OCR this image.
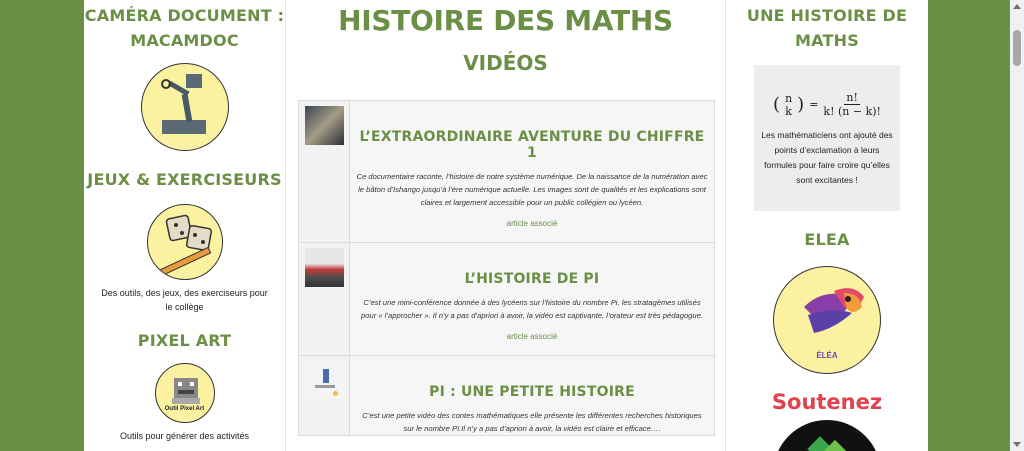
CAMÉRA DOCUMENT :
MACAMDOC
JEUX & EXERCISEURS
Des outils, des jeux, des exerciseurs pour le collège
PIXEL ART
Outil Pixel Art
Outils pour générer des activités
HISTOIRE DES MATHS
VIDÉOS
L’EXTRAORDINAIRE AVENTURE DU CHIFFRE 1
Ce documentaire raconte, l’histoire de notre système numérique. De la naissance de la numération avec le bâton d’Ishango jusqu’à l’ère numérique actuelle. Les images sont de qualités et les explications sont claires et largement accessible pour un public collégien ou lycéen.
article associé
L’HISTOIRE DE PI
C’est une mini-conférence donnée à des lycéens sur l’histoire du nombre Pi, les stratagèmes utilisés pour « l’approcher ». Il n’y a pas d’apriori à avoir, la vidéo est captivante, l’orateur est très pédagogue.
article associé
PI : UNE PETITE HISTOIRE
C’est une petite vidéo des contes mathématiques elle présente les différentes recherches historiques sur le nombre PI.Il n’y a pas d’apriori à avoir, la vidéo est claire et efficace….
UNE HISTOIRE DE MATHS
( n
k ) = $\frac{n!}{k! (n - k)!}$
Les mathématiciens ont ajouté des points d’exclamation à leurs formules pour faire croire qu’elles sont excitantes !
ELEA
ÉLÉA
Soutenez
